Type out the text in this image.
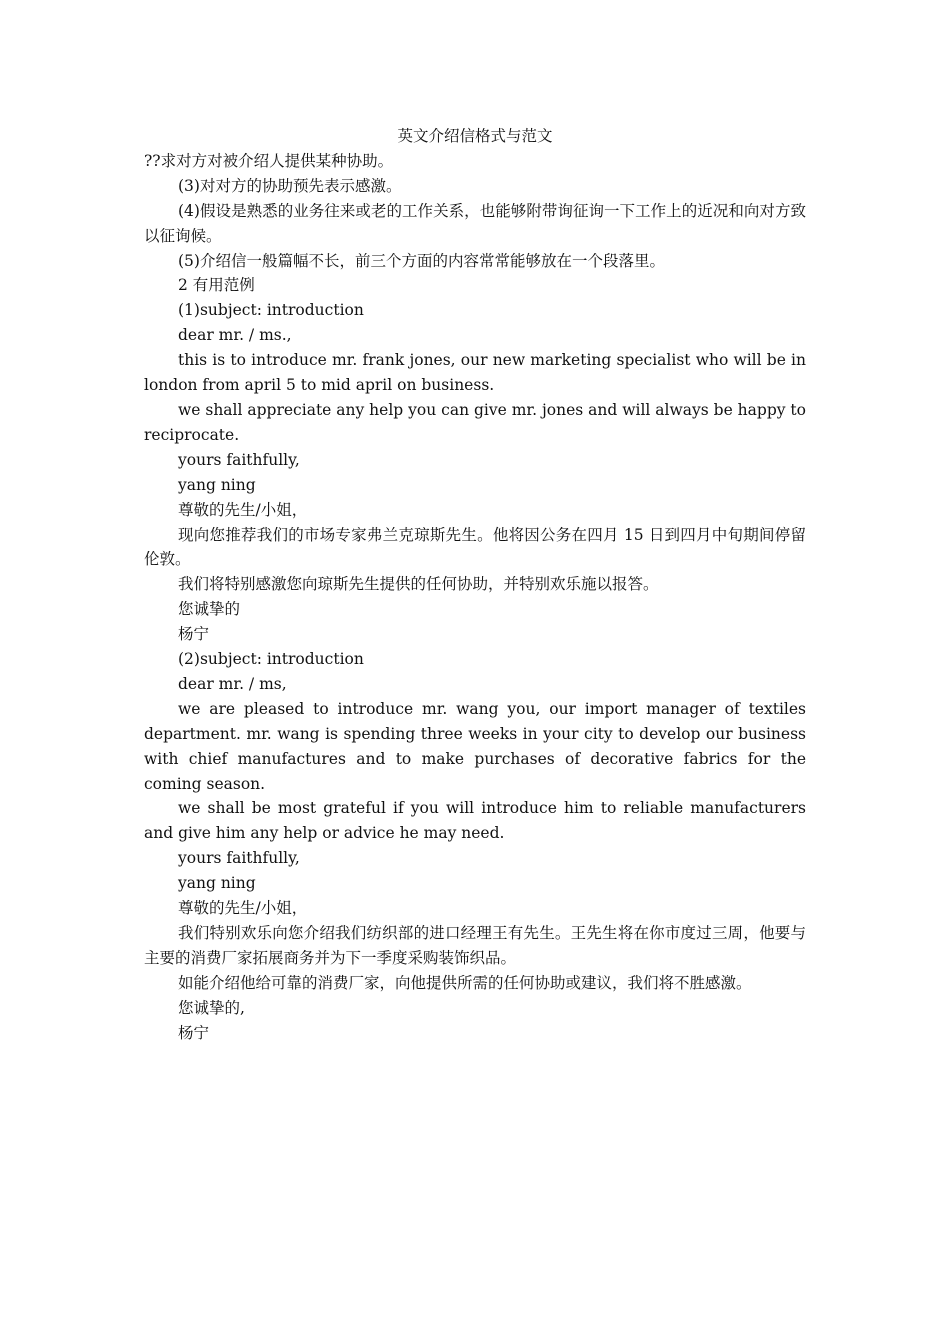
英文介绍信格式与范文
??求对方对被介绍人提供某种协助。
(3)对对方的协助预先表示感激。
(4)假设是熟悉的业务往来或老的工作关系，也能够附带询征询一下工作上的近况和向对方致以征询候。
(5)介绍信一般篇幅不长，前三个方面的内容常常能够放在一个段落里。
2 有用范例
(1)subject: introduction
dear mr. / ms.,
this is to introduce mr. frank jones, our new marketing specialist who will be in london from april 5 to mid april on business.
we shall appreciate any help you can give mr. jones and will always be happy to reciprocate.
yours faithfully,
yang ning
尊敬的先生/小姐，
现向您推荐我们的市场专家弗兰克琼斯先生。他将因公务在四月 15 日到四月中旬期间停留伦敦。
我们将特别感激您向琼斯先生提供的任何协助，并特别欢乐施以报答。
您诚挚的
杨宁
(2)subject: introduction
dear mr. / ms,
we are pleased to introduce mr. wang you, our import manager of textiles department. mr. wang is spending three weeks in your city to develop our business with chief manufactures and to make purchases of decorative fabrics for the coming season.
we shall be most grateful if you will introduce him to reliable manufacturers and give him any help or advice he may need.
yours faithfully,
yang ning
尊敬的先生/小姐，
我们特别欢乐向您介绍我们纺织部的进口经理王有先生。王先生将在你市度过三周，他要与主要的消费厂家拓展商务并为下一季度采购装饰织品。
如能介绍他给可靠的消费厂家，向他提供所需的任何协助或建议，我们将不胜感激。
您诚挚的,
杨宁
